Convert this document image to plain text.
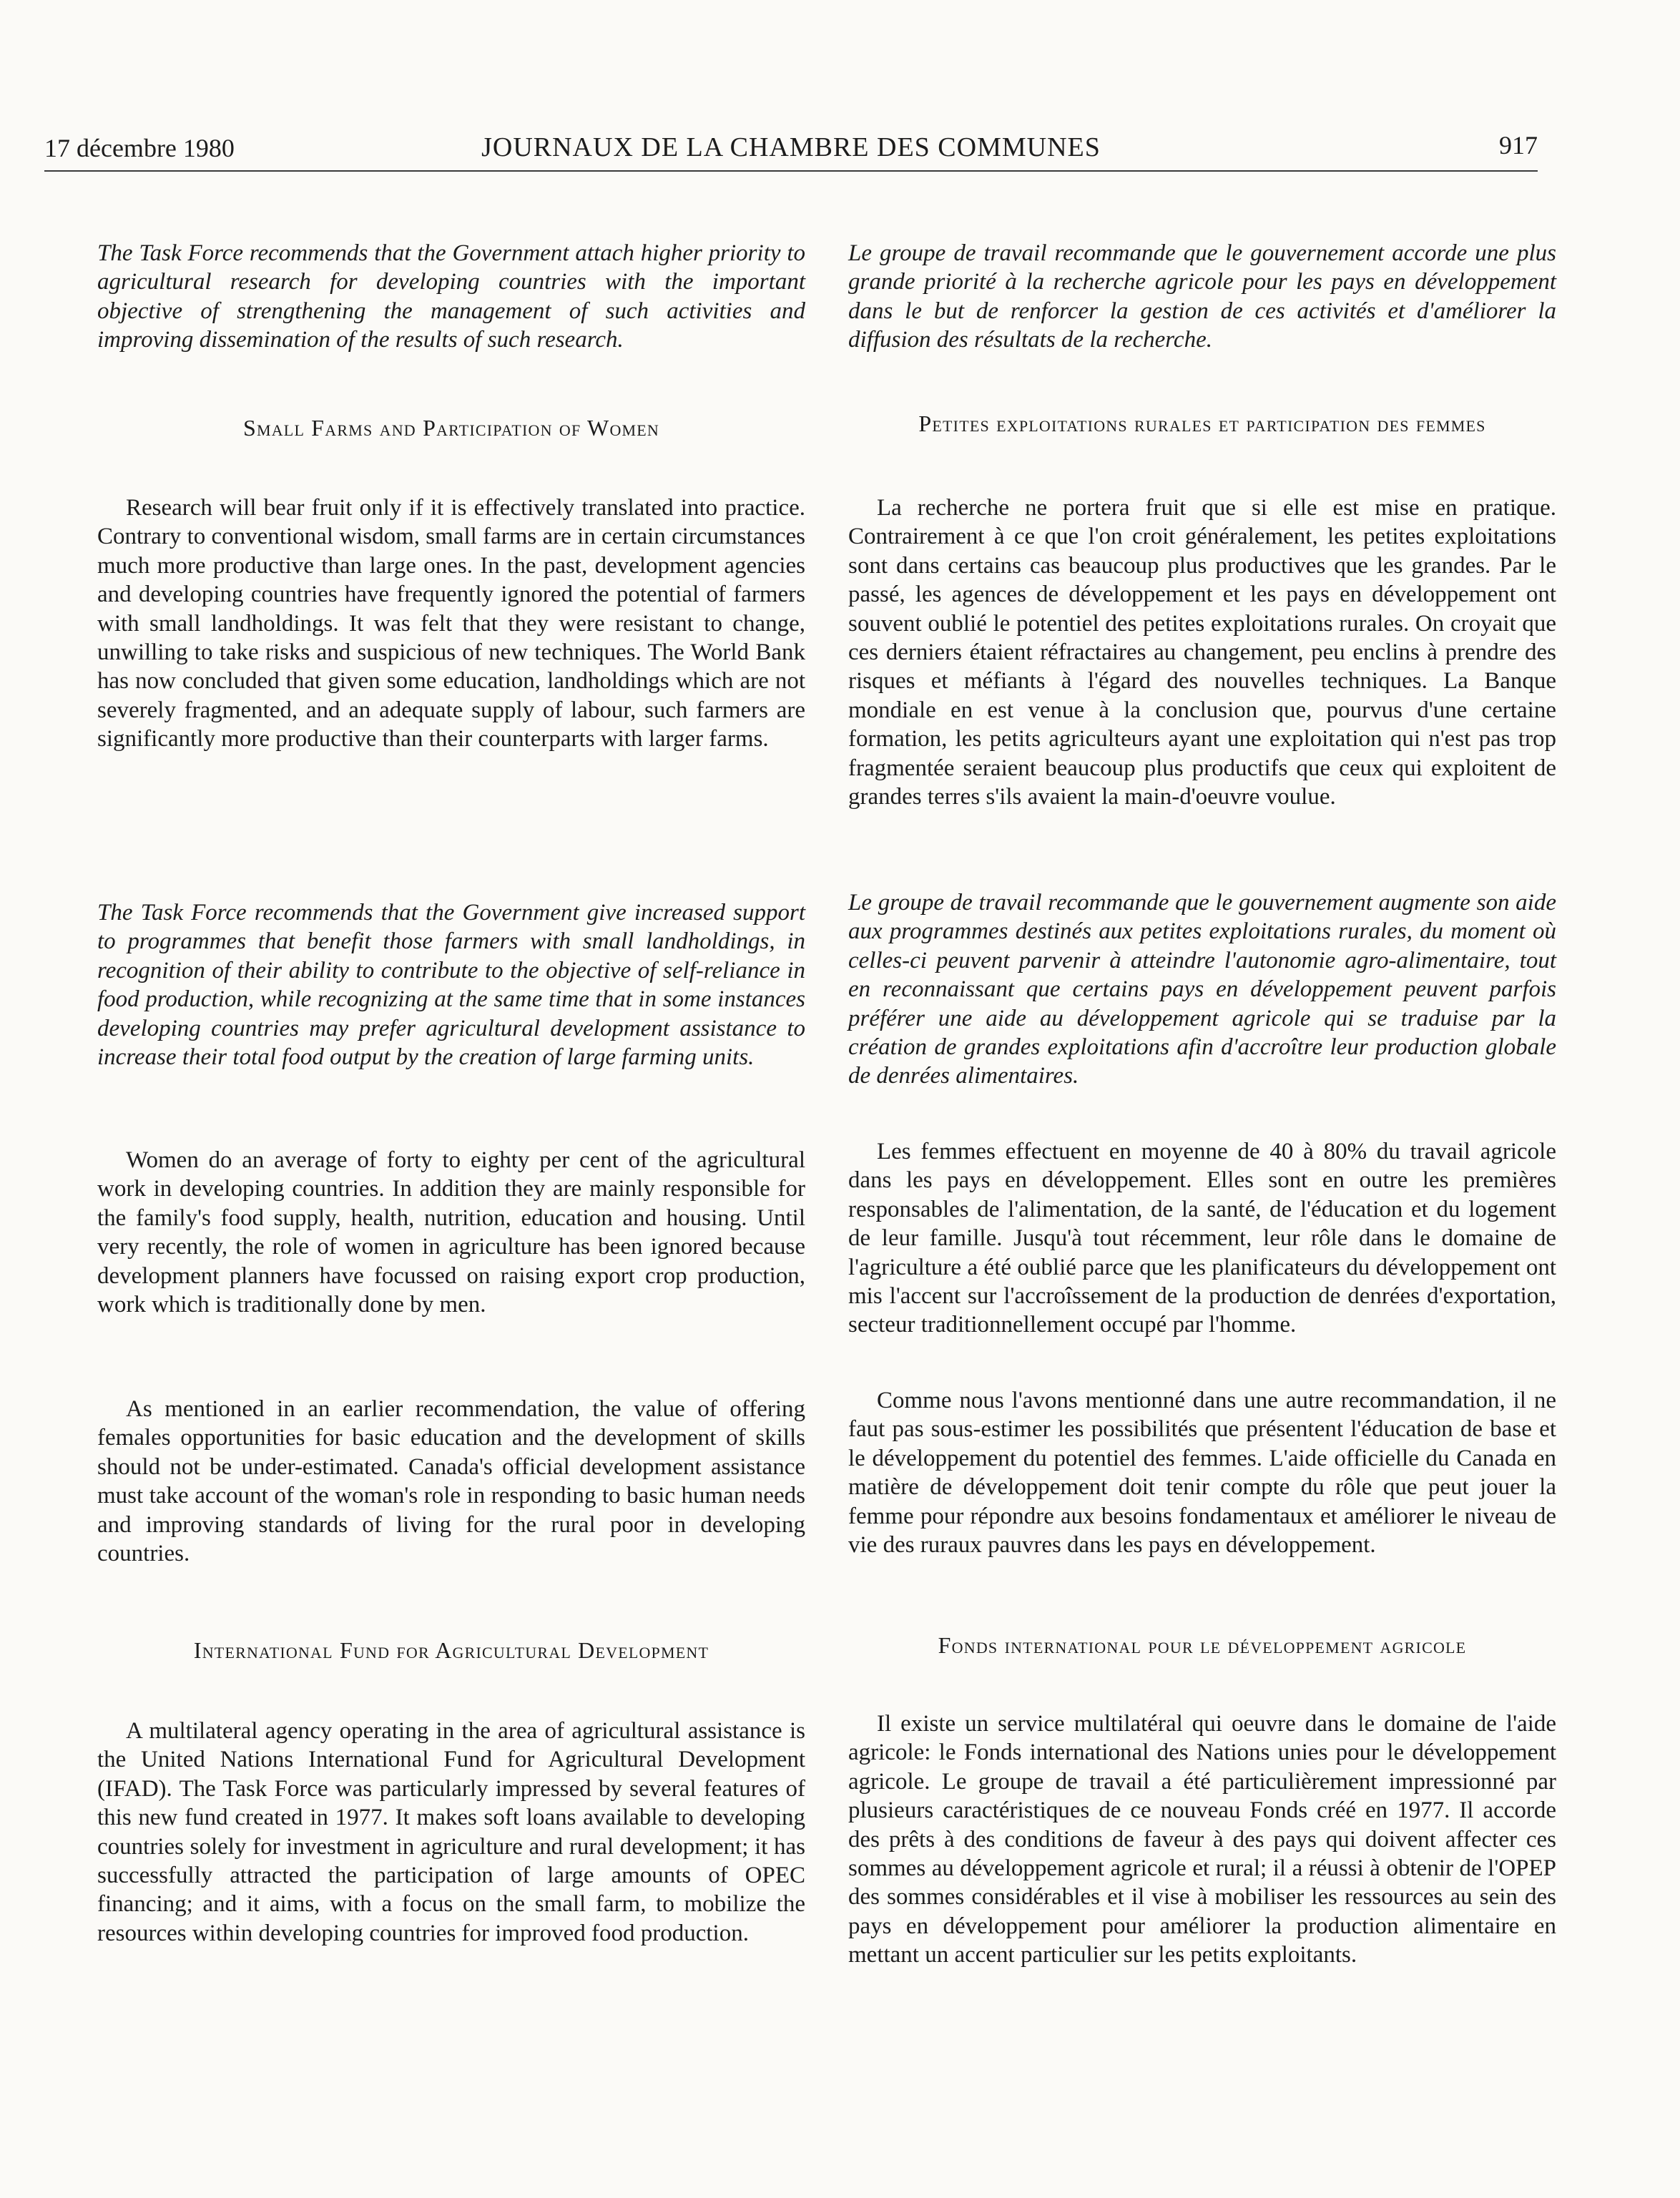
17 décembre 1980	JOURNAUX DE LA CHAMBRE DES COMMUNES	917

The Task Force recommends that the Government attach higher priority to agricultural research for developing countries with the important objective of strengthening the management of such activities and improving dissemination of the results of such research.

Small Farms and Participation of Women

Research will bear fruit only if it is effectively translated into practice. Contrary to conventional wisdom, small farms are in certain circumstances much more productive than large ones. In the past, development agencies and developing countries have frequently ignored the potential of farmers with small landholdings. It was felt that they were resistant to change, unwilling to take risks and suspicious of new techniques. The World Bank has now concluded that given some education, landholdings which are not severely fragmented, and an adequate supply of labour, such farmers are significantly more productive than their counterparts with larger farms.

The Task Force recommends that the Government give increased support to programmes that benefit those farmers with small landholdings, in recognition of their ability to contribute to the objective of self-reliance in food production, while recognizing at the same time that in some instances developing countries may prefer agricultural development assistance to increase their total food output by the creation of large farming units.

Women do an average of forty to eighty per cent of the agricultural work in developing countries. In addition they are mainly responsible for the family's food supply, health, nutrition, education and housing. Until very recently, the role of women in agriculture has been ignored because development planners have focussed on raising export crop production, work which is traditionally done by men.

As mentioned in an earlier recommendation, the value of offering females opportunities for basic education and the development of skills should not be under-estimated. Canada's official development assistance must take account of the woman's role in responding to basic human needs and improving standards of living for the rural poor in developing countries.

International Fund for Agricultural Development

A multilateral agency operating in the area of agricultural assistance is the United Nations International Fund for Agricultural Development (IFAD). The Task Force was particularly impressed by several features of this new fund created in 1977. It makes soft loans available to developing countries solely for investment in agriculture and rural development; it has successfully attracted the participation of large amounts of OPEC financing; and it aims, with a focus on the small farm, to mobilize the resources within developing countries for improved food production.

Le groupe de travail recommande que le gouvernement accorde une plus grande priorité à la recherche agricole pour les pays en développement dans le but de renforcer la gestion de ces activités et d'améliorer la diffusion des résultats de la recherche.

Petites exploitations rurales et participation des femmes

La recherche ne portera fruit que si elle est mise en pratique. Contrairement à ce que l'on croit généralement, les petites exploitations sont dans certains cas beaucoup plus productives que les grandes. Par le passé, les agences de développement et les pays en développement ont souvent oublié le potentiel des petites exploitations rurales. On croyait que ces derniers étaient réfractaires au changement, peu enclins à prendre des risques et méfiants à l'égard des nouvelles techniques. La Banque mondiale en est venue à la conclusion que, pourvus d'une certaine formation, les petits agriculteurs ayant une exploitation qui n'est pas trop fragmentée seraient beaucoup plus productifs que ceux qui exploitent de grandes terres s'ils avaient la main-d'oeuvre voulue.

Le groupe de travail recommande que le gouvernement augmente son aide aux programmes destinés aux petites exploitations rurales, du moment où celles-ci peuvent parvenir à atteindre l'autonomie agro-alimentaire, tout en reconnaissant que certains pays en développement peuvent parfois préférer une aide au développement agricole qui se traduise par la création de grandes exploitations afin d'accroître leur production globale de denrées alimentaires.

Les femmes effectuent en moyenne de 40 à 80% du travail agricole dans les pays en développement. Elles sont en outre les premières responsables de l'alimentation, de la santé, de l'éducation et du logement de leur famille. Jusqu'à tout récemment, leur rôle dans le domaine de l'agriculture a été oublié parce que les planificateurs du développement ont mis l'accent sur l'accroîssement de la production de denrées d'exportation, secteur traditionnellement occupé par l'homme.

Comme nous l'avons mentionné dans une autre recommandation, il ne faut pas sous-estimer les possibilités que présentent l'éducation de base et le développement du potentiel des femmes. L'aide officielle du Canada en matière de développement doit tenir compte du rôle que peut jouer la femme pour répondre aux besoins fondamentaux et améliorer le niveau de vie des ruraux pauvres dans les pays en développement.

Fonds international pour le développement agricole

Il existe un service multilatéral qui oeuvre dans le domaine de l'aide agricole: le Fonds international des Nations unies pour le développement agricole. Le groupe de travail a été particulièrement impressionné par plusieurs caractéristiques de ce nouveau Fonds créé en 1977. Il accorde des prêts à des conditions de faveur à des pays qui doivent affecter ces sommes au développement agricole et rural; il a réussi à obtenir de l'OPEP des sommes considérables et il vise à mobiliser les ressources au sein des pays en développement pour améliorer la production alimentaire en mettant un accent particulier sur les petits exploitants.
